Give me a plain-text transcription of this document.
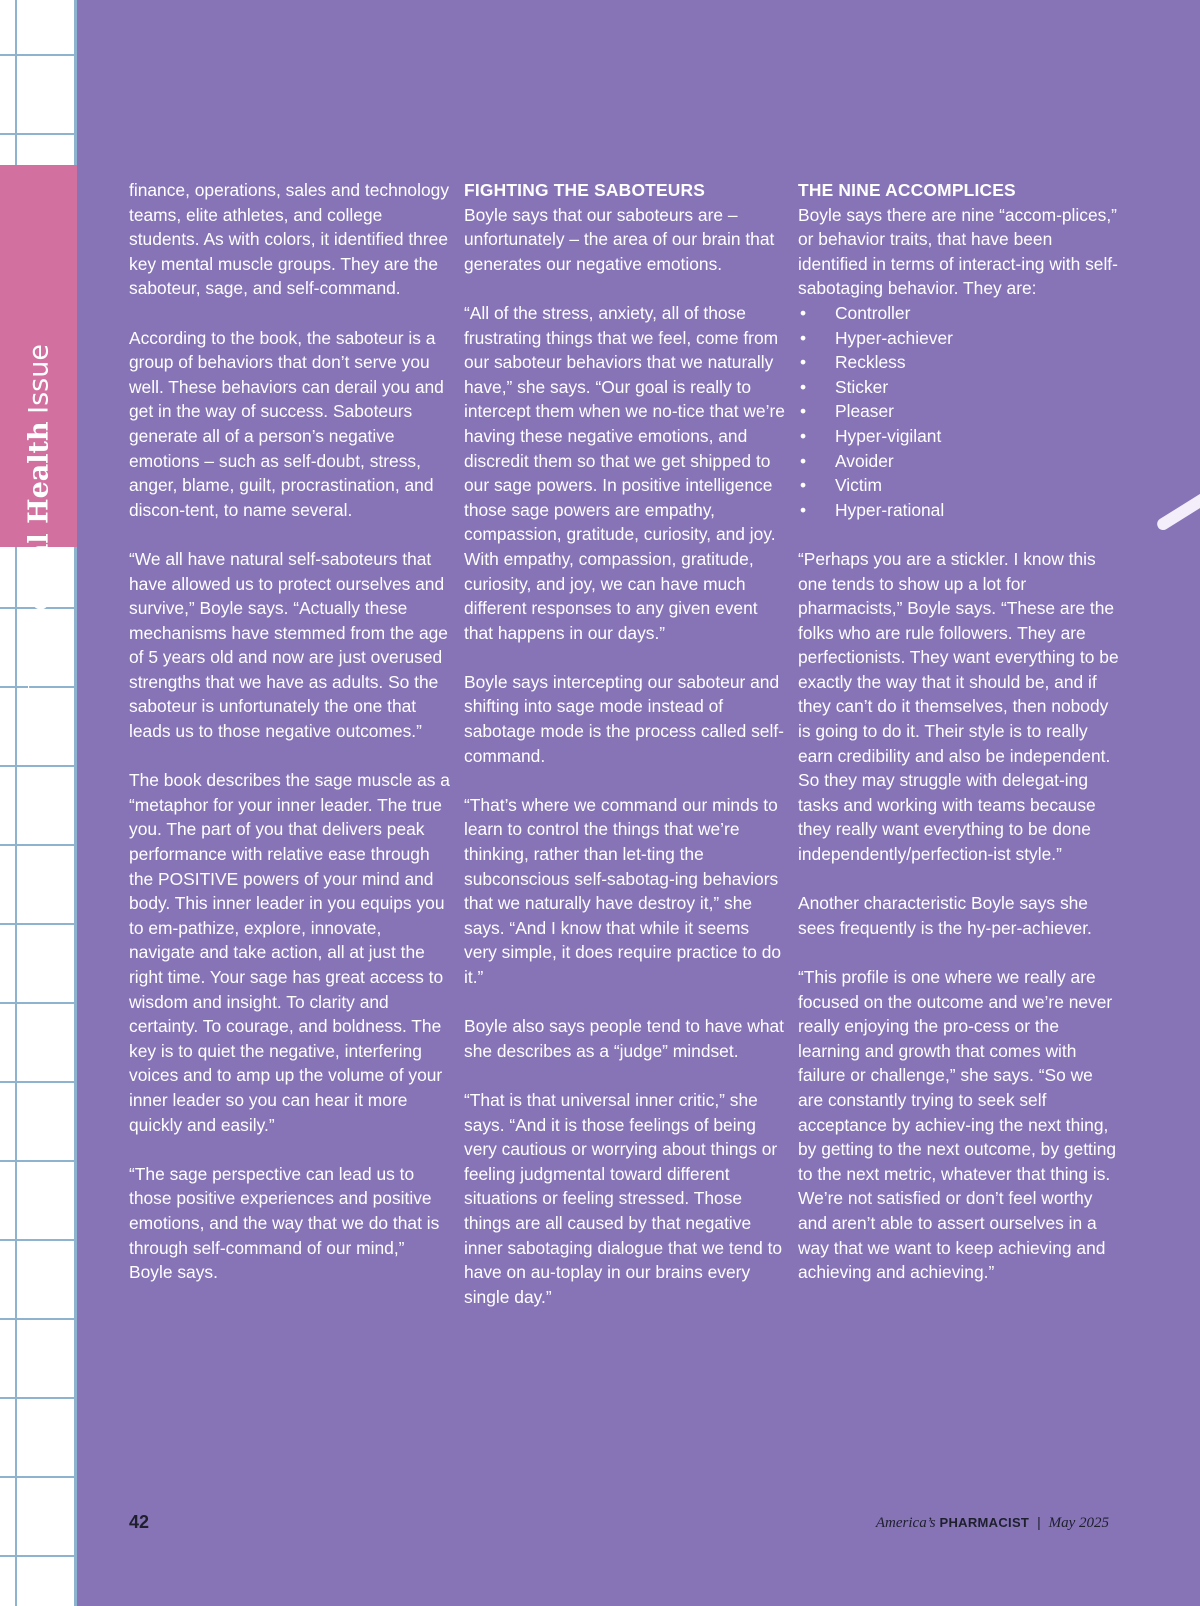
The Mental Health Issue

finance, operations, sales and technology teams, elite athletes, and college students. As with colors, it identified three key mental muscle groups. They are the saboteur, sage, and self-command.

According to the book, the saboteur is a group of behaviors that don’t serve you well. These behaviors can derail you and get in the way of success. Saboteurs generate all of a person’s negative emotions – such as self-doubt, stress, anger, blame, guilt, procrastination, and discon-tent, to name several.

“We all have natural self-saboteurs that have allowed us to protect ourselves and survive,” Boyle says. “Actually these mechanisms have stemmed from the age of 5 years old and now are just overused strengths that we have as adults. So the saboteur is unfortunately the one that leads us to those negative outcomes.”

The book describes the sage muscle as a “metaphor for your inner leader. The true you. The part of you that delivers peak performance with relative ease through the POSITIVE powers of your mind and body. This inner leader in you equips you to em-pathize, explore, innovate, navigate and take action, all at just the right time. Your sage has great access to wisdom and insight. To clarity and certainty. To courage, and boldness. The key is to quiet the negative, interfering voices and to amp up the volume of your inner leader so you can hear it more quickly and easily.”

“The sage perspective can lead us to those positive experiences and positive emotions, and the way that we do that is through self-command of our mind,” Boyle says.

FIGHTING THE SABOTEURS

Boyle says that our saboteurs are – unfortunately – the area of our brain that generates our negative emotions.

“All of the stress, anxiety, all of those frustrating things that we feel, come from our saboteur behaviors that we naturally have,” she says. “Our goal is really to intercept them when we no-tice that we’re having these negative emotions, and discredit them so that we get shipped to our sage powers. In positive intelligence those sage powers are empathy, compassion, gratitude, curiosity, and joy. With empathy, compassion, gratitude, curiosity, and joy, we can have much different responses to any given event that happens in our days.”

Boyle says intercepting our saboteur and shifting into sage mode instead of sabotage mode is the process called self-command.

“That’s where we command our minds to learn to control the things that we’re thinking, rather than let-ting the subconscious self-sabotag-ing behaviors that we naturally have destroy it,” she says. “And I know that while it seems very simple, it does require practice to do it.”

Boyle also says people tend to have what she describes as a “judge” mindset.

“That is that universal inner critic,” she says. “And it is those feelings of being very cautious or worrying about things or feeling judgmental toward different situations or feeling stressed. Those things are all caused by that negative inner sabotaging dialogue that we tend to have on au-toplay in our brains every single day.”

THE NINE ACCOMPLICES

Boyle says there are nine “accom-plices,” or behavior traits, that have been identified in terms of interact-ing with self-sabotaging behavior. They are:

• Controller
• Hyper-achiever
• Reckless
• Sticker
• Pleaser
• Hyper-vigilant
• Avoider
• Victim
• Hyper-rational

“Perhaps you are a stickler. I know this one tends to show up a lot for pharmacists,” Boyle says. “These are the folks who are rule followers. They are perfectionists. They want everything to be exactly the way that it should be, and if they can’t do it themselves, then nobody is going to do it. Their style is to really earn credibility and also be independent. So they may struggle with delegat-ing tasks and working with teams because they really want everything to be done independently/perfection-ist style.”

Another characteristic Boyle says she sees frequently is the hy-per-achiever.

“This profile is one where we really are focused on the outcome and we’re never really enjoying the pro-cess or the learning and growth that comes with failure or challenge,” she says. “So we are constantly trying to seek self acceptance by achiev-ing the next thing, by getting to the next outcome, by getting to the next metric, whatever that thing is. We’re not satisfied or don’t feel worthy and aren’t able to assert ourselves in a way that we want to keep achieving and achieving and achieving.”

42	America’s PHARMACIST | May 2025
